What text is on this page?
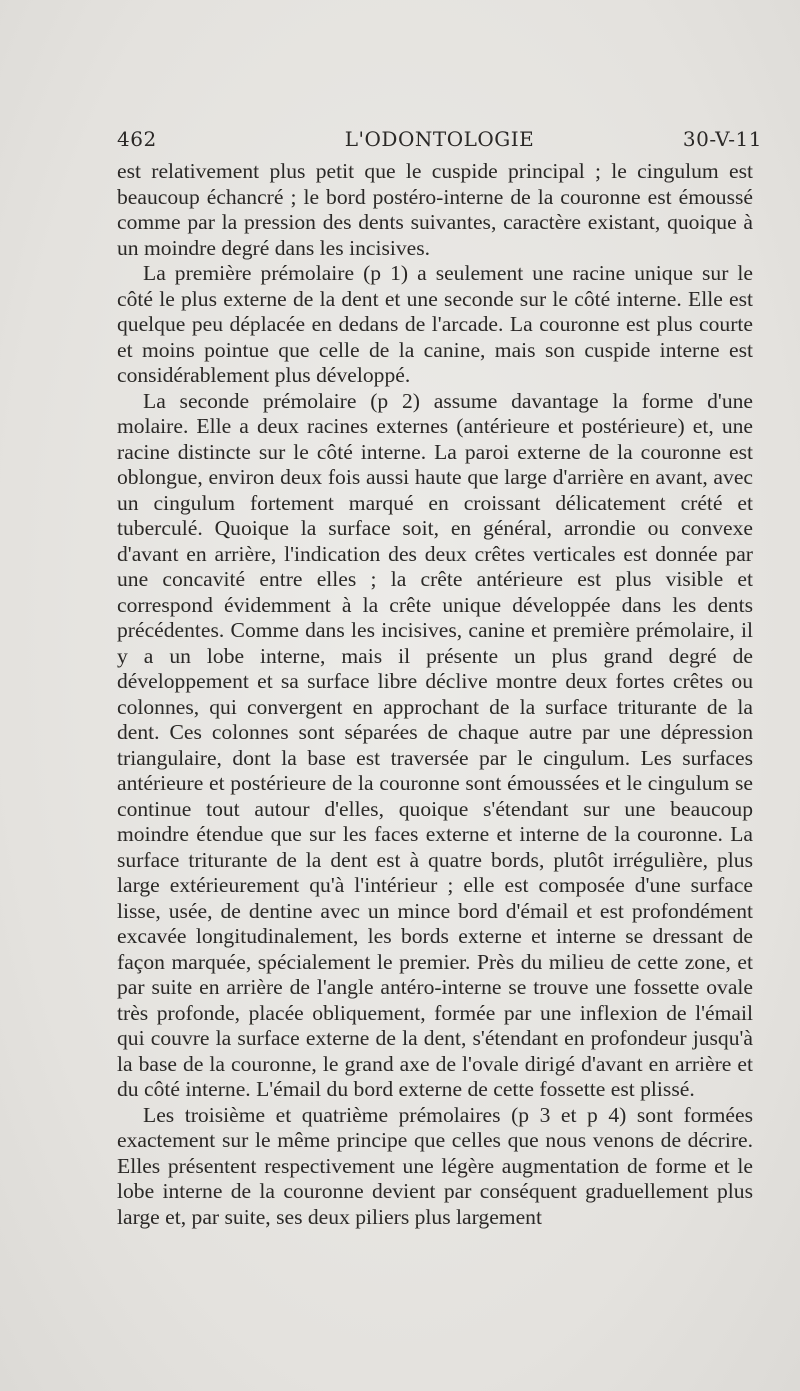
462	L'ODONTOLOGIE	30-V-11

est relativement plus petit que le cuspide principal ; le cingulum est beaucoup échancré ; le bord postéro-interne de la couronne est émoussé comme par la pression des dents suivantes, caractère existant, quoique à un moindre degré dans les incisives.

La première prémolaire (p 1) a seulement une racine unique sur le côté le plus externe de la dent et une seconde sur le côté interne. Elle est quelque peu déplacée en dedans de l'arcade. La couronne est plus courte et moins pointue que celle de la canine, mais son cuspide interne est considérablement plus développé.

La seconde prémolaire (p 2) assume davantage la forme d'une molaire. Elle a deux racines externes (antérieure et postérieure) et, une racine distincte sur le côté interne. La paroi externe de la couronne est oblongue, environ deux fois aussi haute que large d'arrière en avant, avec un cingulum fortement marqué en croissant délicatement crété et tuberculé. Quoique la surface soit, en général, arrondie ou convexe d'avant en arrière, l'indication des deux crêtes verticales est donnée par une concavité entre elles ; la crête antérieure est plus visible et correspond évidemment à la crête unique développée dans les dents précédentes. Comme dans les incisives, canine et première prémolaire, il y a un lobe interne, mais il présente un plus grand degré de développement et sa surface libre déclive montre deux fortes crêtes ou colonnes, qui convergent en approchant de la surface triturante de la dent. Ces colonnes sont séparées de chaque autre par une dépression triangulaire, dont la base est traversée par le cingulum. Les surfaces antérieure et postérieure de la couronne sont émoussées et le cingulum se continue tout autour d'elles, quoique s'étendant sur une beaucoup moindre étendue que sur les faces externe et interne de la couronne. La surface triturante de la dent est à quatre bords, plutôt irrégulière, plus large extérieurement qu'à l'intérieur ; elle est composée d'une surface lisse, usée, de dentine avec un mince bord d'émail et est profondément excavée longitudinalement, les bords externe et interne se dressant de façon marquée, spécialement le premier. Près du milieu de cette zone, et par suite en arrière de l'angle antéro-interne se trouve une fossette ovale très profonde, placée obliquement, formée par une inflexion de l'émail qui couvre la surface externe de la dent, s'étendant en profondeur jusqu'à la base de la couronne, le grand axe de l'ovale dirigé d'avant en arrière et du côté interne. L'émail du bord externe de cette fossette est plissé.

Les troisième et quatrième prémolaires (p 3 et p 4) sont formées exactement sur le même principe que celles que nous venons de décrire. Elles présentent respectivement une légère augmentation de forme et le lobe interne de la couronne devient par conséquent graduellement plus large et, par suite, ses deux piliers plus largement
